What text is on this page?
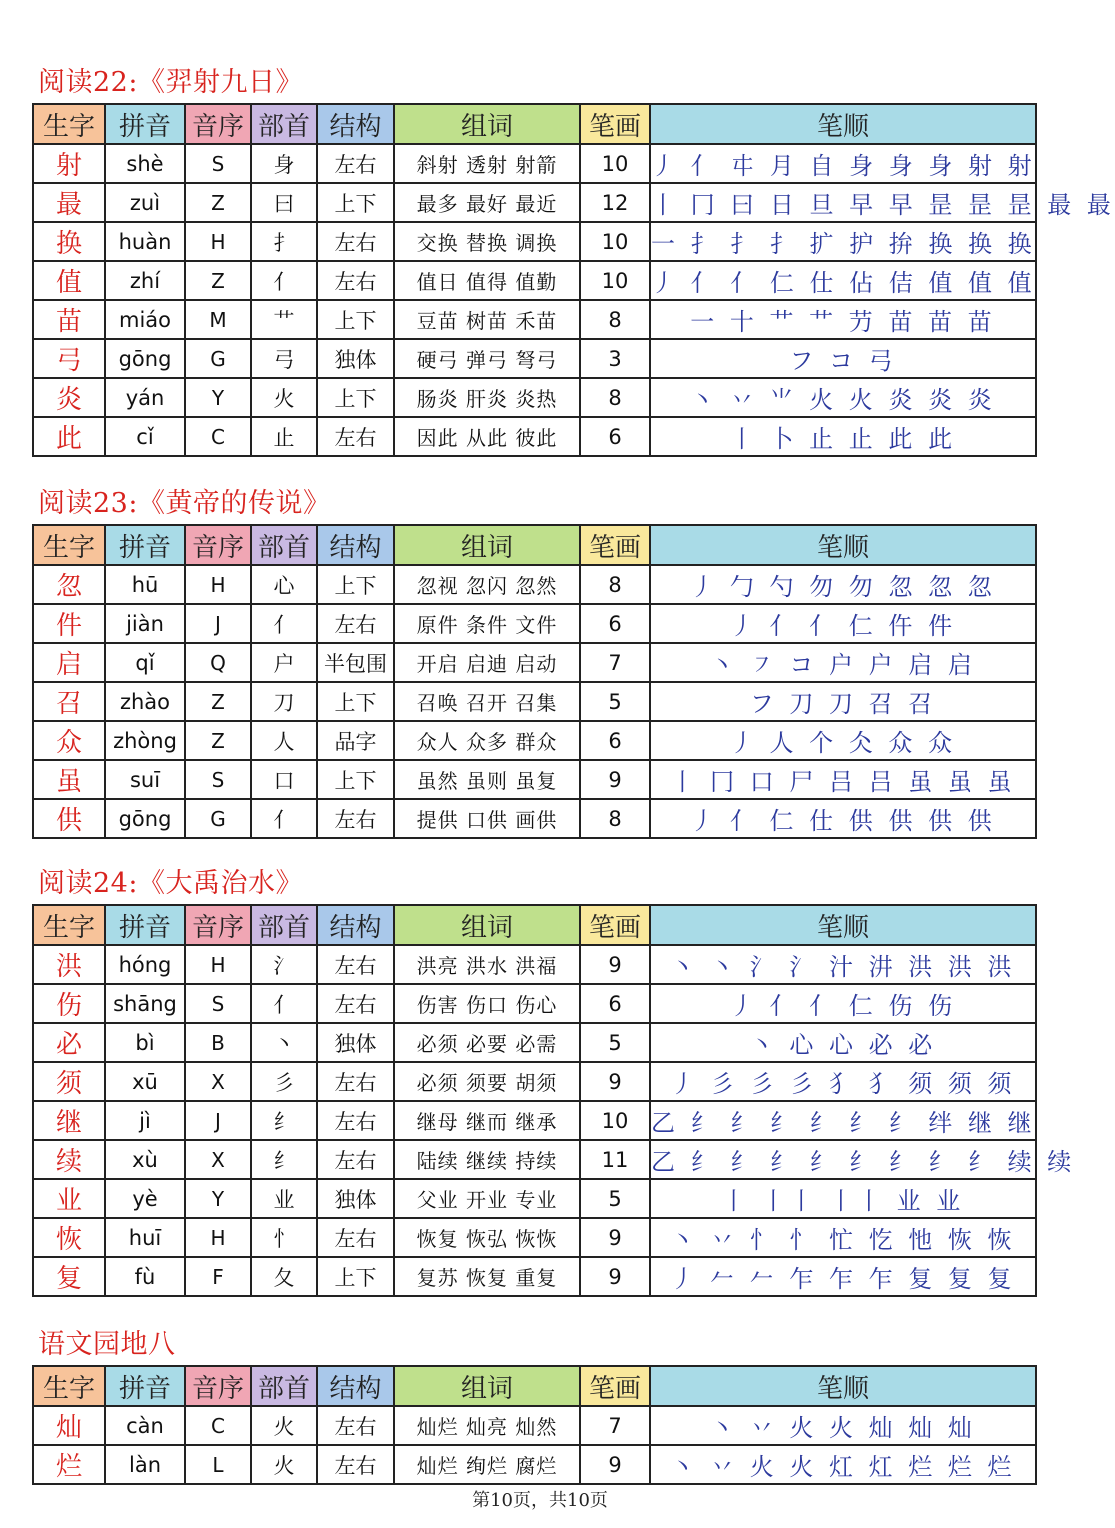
阅读22:《羿射九日》
生字	拼音	音序	部首	结构	组词	笔画	笔顺
射	shè	S	身	左右	斜射 透射 射箭	10	丿 亻 㐄 月 自 身 身 身 射 射
最	zuì	Z	曰	上下	最多 最好 最近	12	丨 冂 曰 日 旦 早 早 昰 昰 昰 最 最
换	huàn	H	扌	左右	交换 替换 调换	10	一 扌 扌 扌 扩 护 拚 换 换 换
值	zhí	Z	亻	左右	值日 值得 值勤	10	丿 亻 亻 仁 仕 佔 佶 值 值 值
苗	miáo	M	艹	上下	豆苗 树苗 禾苗	8	一 十 艹 艹 芀 苗 苗 苗
弓	gōng	G	弓	独体	硬弓 弹弓 弩弓	3	フ コ 弓
炎	yán	Y	火	上下	肠炎 肝炎 炎热	8	丶 丷 ⺌ 火 火 炎 炎 炎
此	cǐ	C	止	左右	因此 从此 彼此	6	丨 卜 止 止 此 此
阅读23:《黄帝的传说》
生字	拼音	音序	部首	结构	组词	笔画	笔顺
忽	hū	H	心	上下	忽视 忽闪 忽然	8	丿 勹 勺 勿 勿 忽 忽 忽
件	jiàn	J	亻	左右	原件 条件 文件	6	丿 亻 亻 仁 仵 件
启	qǐ	Q	户	半包围	开启 启迪 启动	7	丶 ㇇ コ 户 户 启 启
召	zhào	Z	刀	上下	召唤 召开 召集	5	フ 刀 刀 召 召
众	zhòng	Z	人	品字	众人 众多 群众	6	丿 人 个 仌 众 众
虽	suī	S	口	上下	虽然 虽则 虽复	9	丨 冂 口 尸 吕 吕 虽 虽 虽
供	gōng	G	亻	左右	提供 口供 画供	8	丿 亻 仁 仕 供 供 供 供
阅读24:《大禹治水》
生字	拼音	音序	部首	结构	组词	笔画	笔顺
洪	hóng	H	氵	左右	洪亮 洪水 洪福	9	丶 丶 氵 氵 汁 汫 洪 洪 洪
伤	shāng	S	亻	左右	伤害 伤口 伤心	6	丿 亻 亻 仁 伤 伤
必	bì	B	丶	独体	必须 必要 必需	5	丶 心 心 必 必
须	xū	X	彡	左右	必须 须要 胡须	9	丿 彡 彡 彡 犭 犭 须 须 须
继	jì	J	纟	左右	继母 继而 继承	10	乙 纟 纟 纟 纟 纟 纟 绊 继 继
续	xù	X	纟	左右	陆续 继续 持续	11	乙 纟 纟 纟 纟 纟 纟 纟 纟 续 续
业	yè	Y	业	独体	父业 开业 专业	5	丨 丨丨 丨丨 业 业
恢	huī	H	忄	左右	恢复 恢弘 恢恢	9	丶 丷 忄 忄 忙 忔 忚 恢 恢
复	fù	F	夂	上下	复苏 恢复 重复	9	丿 𠂉 𠂉 乍 乍 乍 复 复 复
语文园地八
生字	拼音	音序	部首	结构	组词	笔画	笔顺
灿	càn	C	火	左右	灿烂 灿亮 灿然	7	丶 丷 火 火 灿 灿 灿
烂	làn	L	火	左右	灿烂 绚烂 腐烂	9	丶 丷 火 火 灴 灴 烂 烂 烂
第10页，共10页
